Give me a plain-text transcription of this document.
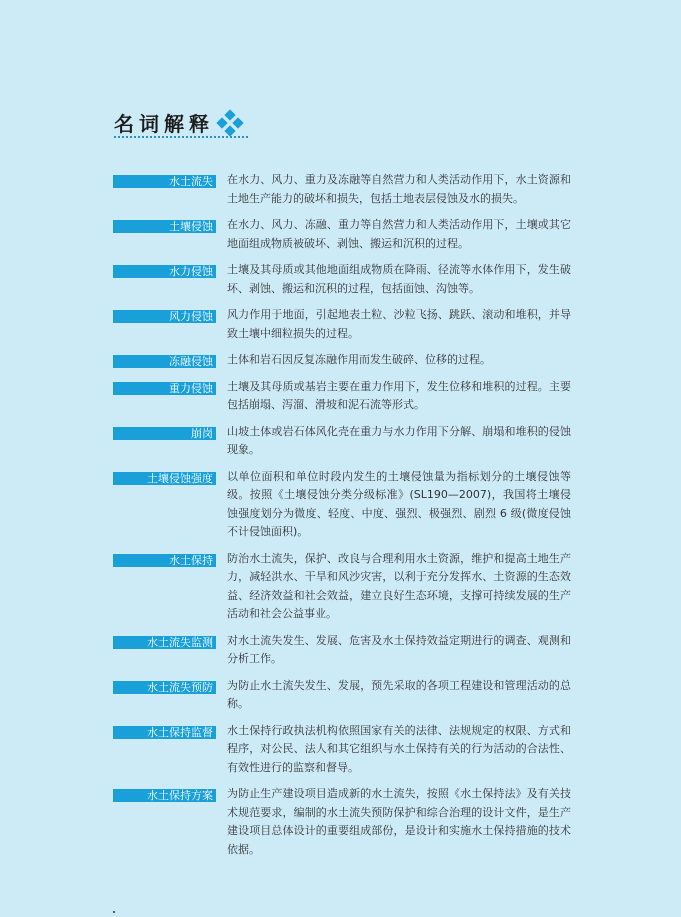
名词解释
水土流失 在水力、风力、重力及冻融等自然营力和人类活动作用下，水土资源和土地生产能力的破坏和损失，包括土地表层侵蚀及水的损失。
土壤侵蚀 在水力、风力、冻融、重力等自然营力和人类活动作用下，土壤或其它地面组成物质被破坏、剥蚀、搬运和沉积的过程。
水力侵蚀 土壤及其母质或其他地面组成物质在降雨、径流等水体作用下，发生破坏、剥蚀、搬运和沉积的过程，包括面蚀、沟蚀等。
风力侵蚀 风力作用于地面，引起地表土粒、沙粒飞扬、跳跃、滚动和堆积，并导致土壤中细粒损失的过程。
冻融侵蚀 土体和岩石因反复冻融作用而发生破碎、位移的过程。
重力侵蚀 土壤及其母质或基岩主要在重力作用下，发生位移和堆积的过程。主要包括崩塌、泻溜、滑坡和泥石流等形式。
崩岗 山坡土体或岩石体风化壳在重力与水力作用下分解、崩塌和堆积的侵蚀现象。
土壤侵蚀强度 以单位面积和单位时段内发生的土壤侵蚀量为指标划分的土壤侵蚀等级。按照《土壤侵蚀分类分级标准》(SL190—2007)，我国将土壤侵蚀强度划分为微度、轻度、中度、强烈、极强烈、剧烈 6 级(微度侵蚀不计侵蚀面积)。
水土保持 防治水土流失，保护、改良与合理利用水土资源，维护和提高土地生产力，减轻洪水、干旱和风沙灾害，以利于充分发挥水、土资源的生态效益、经济效益和社会效益，建立良好生态环境，支撑可持续发展的生产活动和社会公益事业。
水土流失监测 对水土流失发生、发展、危害及水土保持效益定期进行的调查、观测和分析工作。
水土流失预防 为防止水土流失发生、发展，预先采取的各项工程建设和管理活动的总称。
水土保持监督 水土保持行政执法机构依照国家有关的法律、法规规定的权限、方式和程序，对公民、法人和其它组织与水土保持有关的行为活动的合法性、有效性进行的监察和督导。
水土保持方案 为防止生产建设项目造成新的水土流失，按照《水土保持法》及有关技术规范要求，编制的水土流失预防保护和综合治理的设计文件，是生产建设项目总体设计的重要组成部份，是设计和实施水土保持措施的技术依据。
